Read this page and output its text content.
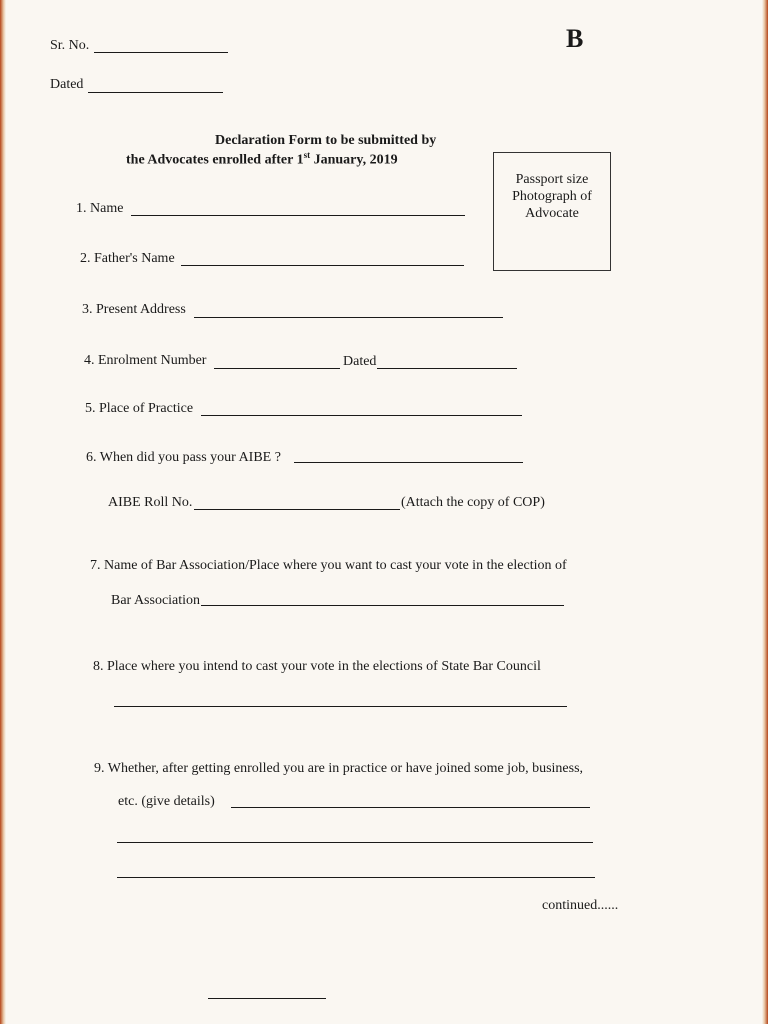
Sr. No.	B
Dated
Declaration Form to be submitted by
the Advocates enrolled after 1st January, 2019
Passport size
Photograph of
Advocate
1. Name
2. Father's Name
3. Present Address
4. Enrolment Number	Dated
5. Place of Practice
6. When did you pass your AIBE ?
AIBE Roll No.	(Attach the copy of COP)
7. Name of Bar Association/Place where you want to cast your vote in the election of
Bar Association
8. Place where you intend to cast your vote in the elections of State Bar Council
9. Whether, after getting enrolled you are in practice or have joined some job, business,
etc. (give details)
continued......
